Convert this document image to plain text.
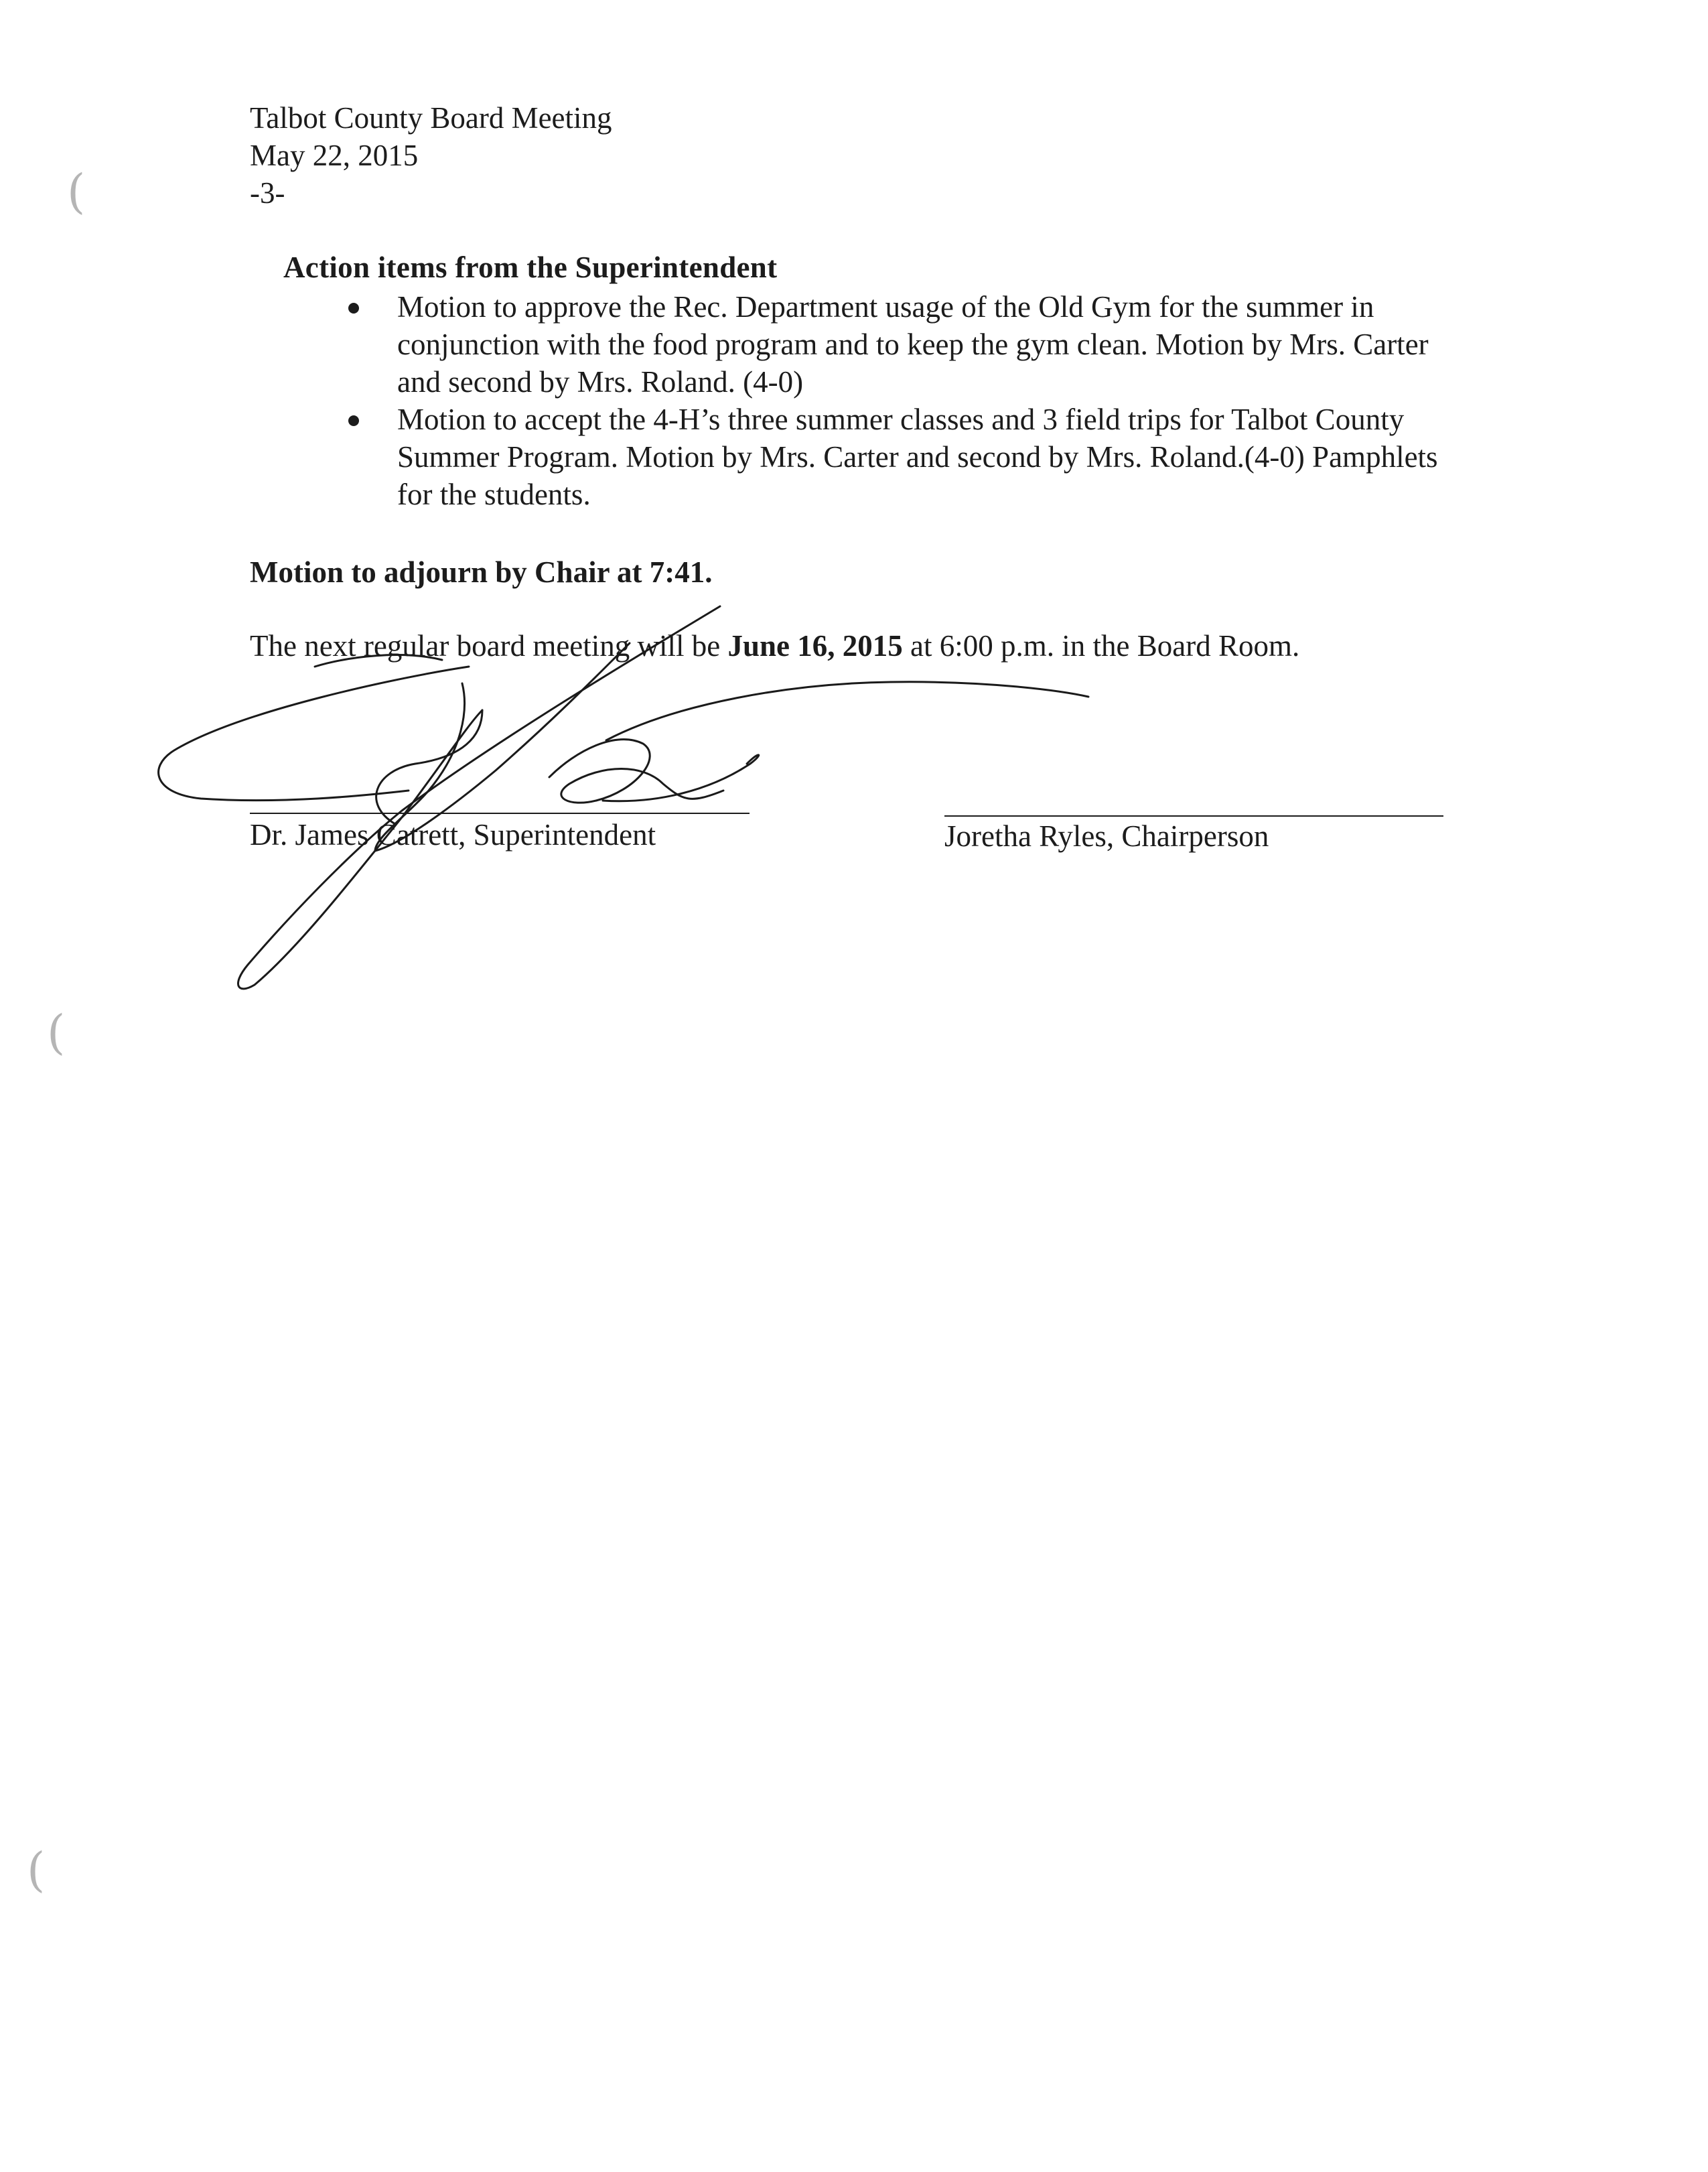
Talbot County Board Meeting
May 22, 2015
-3-
Action items from the Superintendent
Motion to approve the Rec. Department usage of the Old Gym for the summer in conjunction with the food program and to keep the gym clean. Motion by Mrs. Carter and second by Mrs. Roland. (4-0)
Motion to accept the 4-H’s three summer classes and 3 field trips for Talbot County Summer Program. Motion by Mrs. Carter and second by Mrs. Roland.(4-0) Pamphlets for the students.
Motion to adjourn by Chair at 7:41.
The next regular board meeting will be June 16, 2015 at 6:00 p.m. in the Board Room.
Dr. James Catrett, Superintendent	Joretha Ryles, Chairperson
(
(
(
